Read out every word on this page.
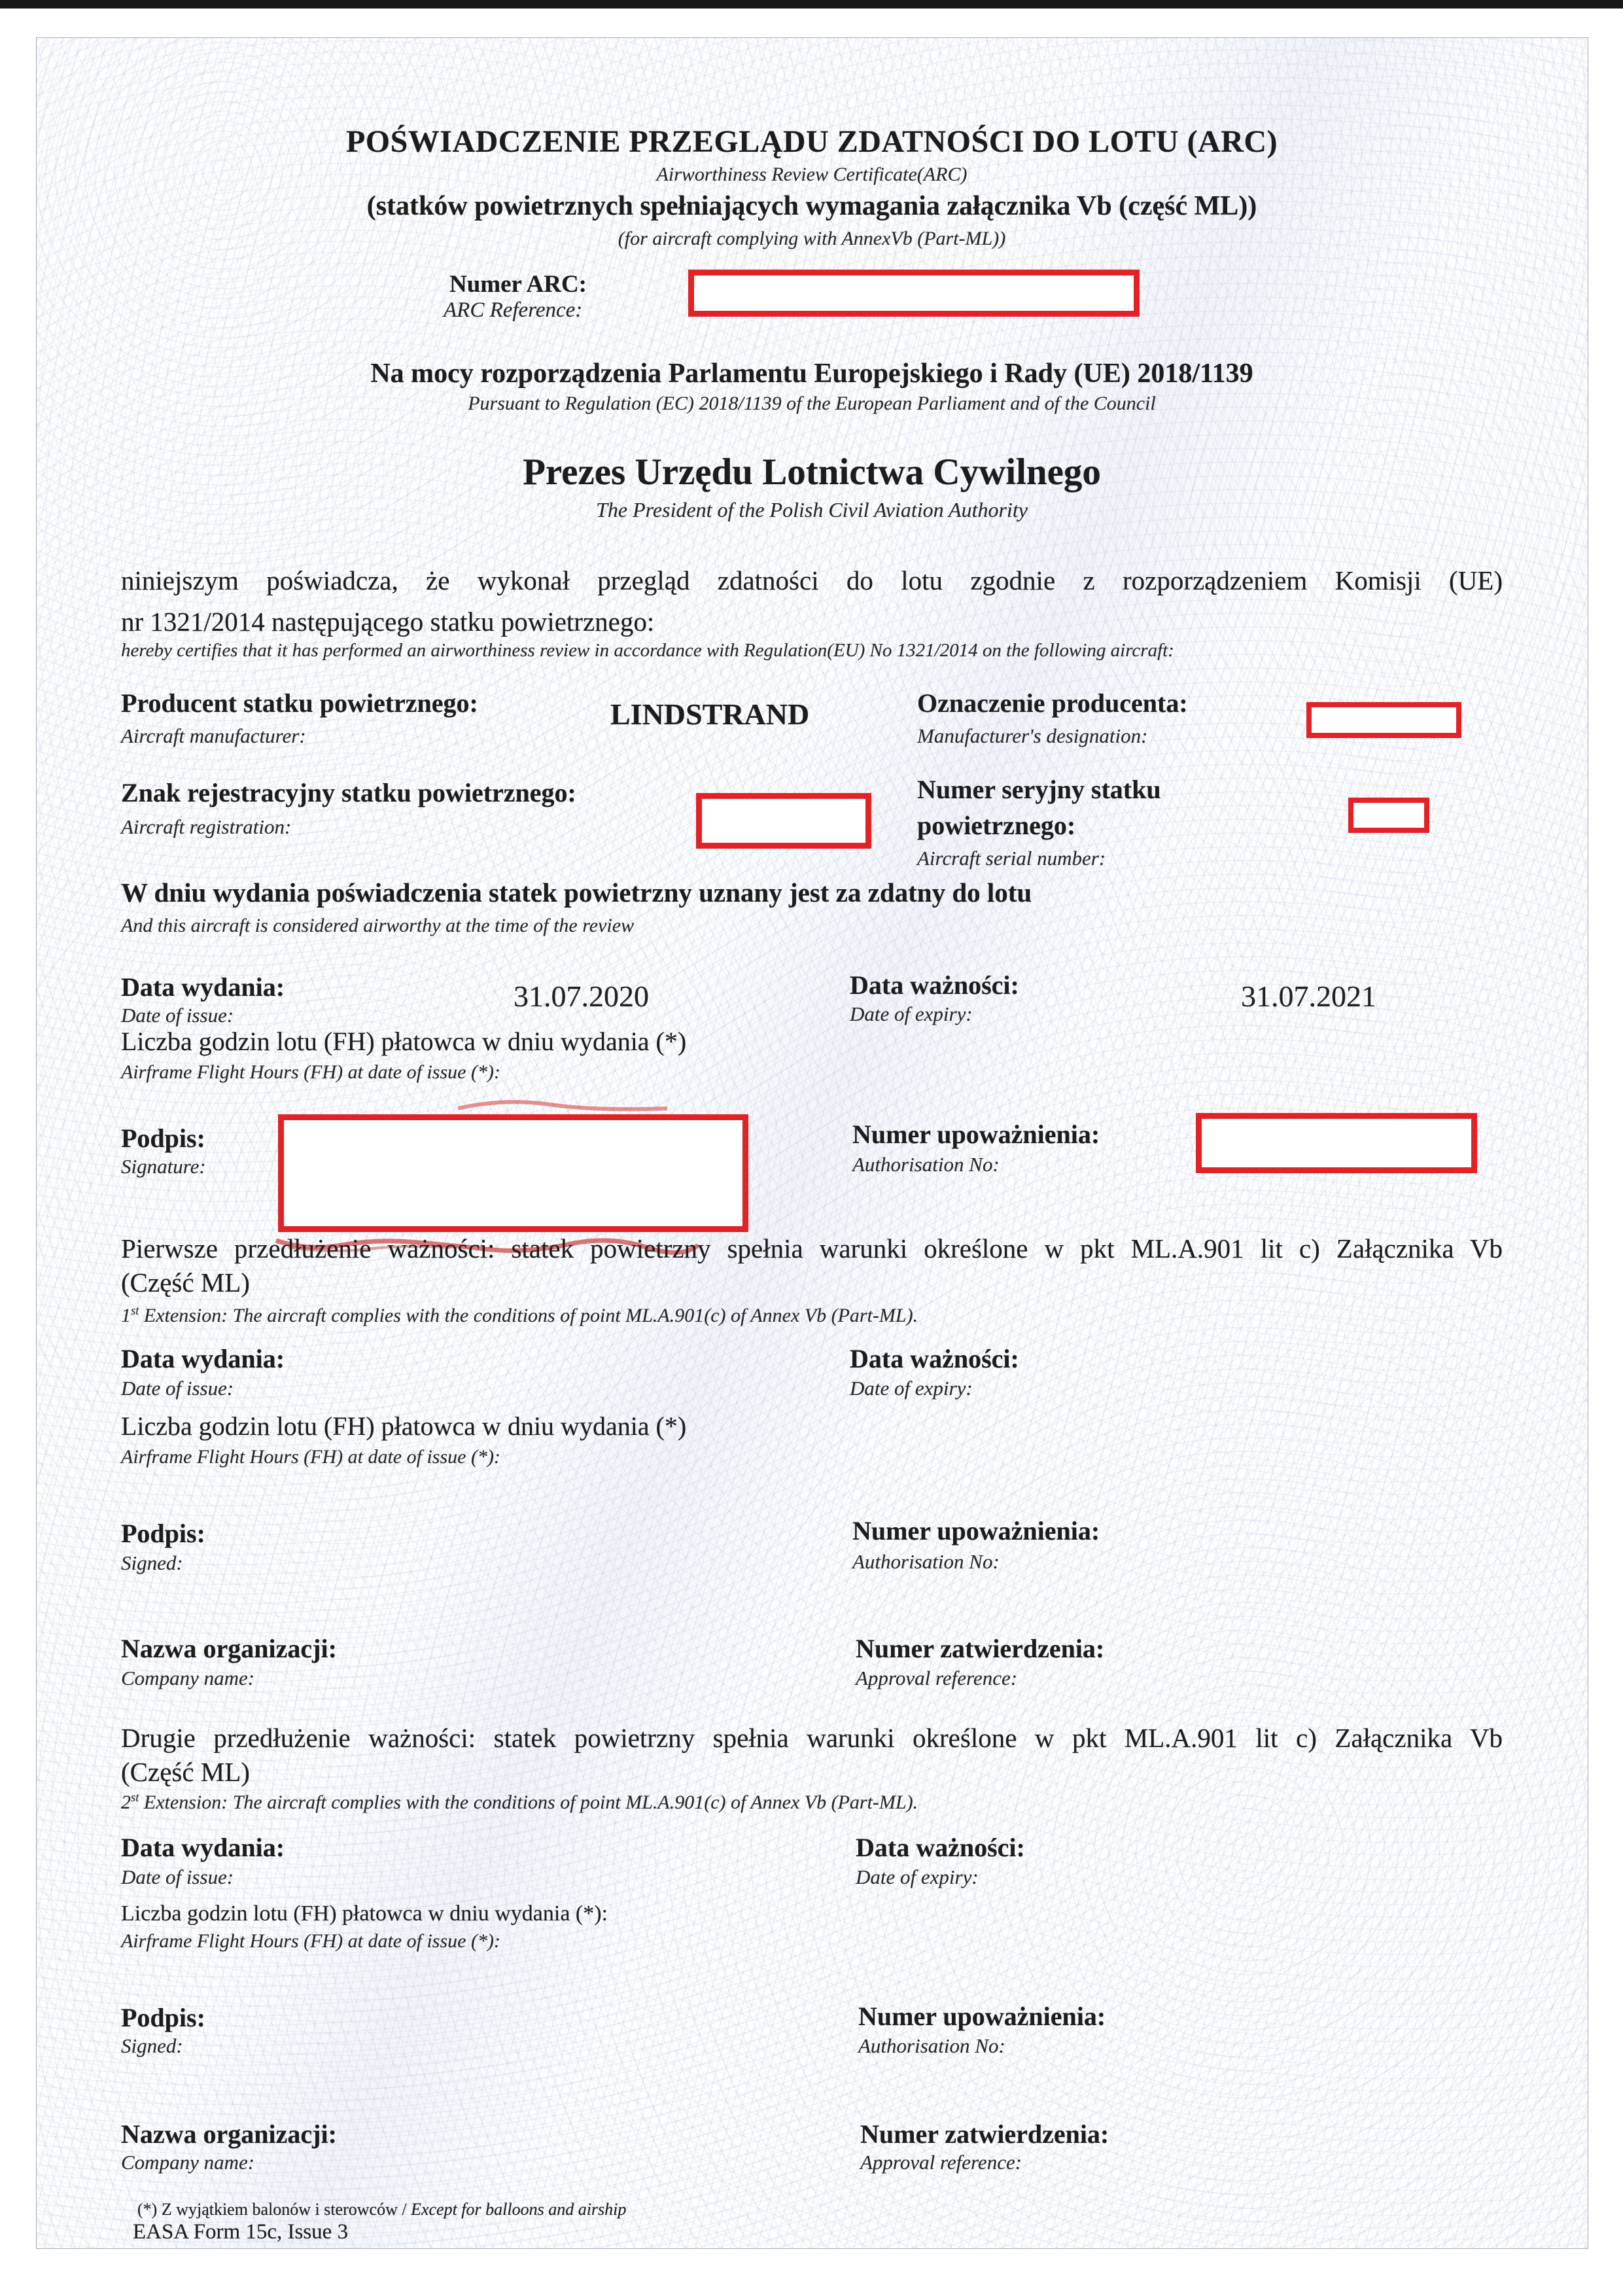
POŚWIADCZENIE PRZEGLĄDU ZDATNOŚCI DO LOTU (ARC)
Airworthiness Review Certificate(ARC)
(statków powietrznych spełniających wymagania załącznika Vb (część ML))
(for aircraft complying with AnnexVb (Part-ML))
Numer ARC:
ARC Reference:
Na mocy rozporządzenia Parlamentu Europejskiego i Rady (UE) 2018/1139
Pursuant to Regulation (EC) 2018/1139 of the European Parliament and of the Council
Prezes Urzędu Lotnictwa Cywilnego
The President of the Polish Civil Aviation Authority
niniejszym poświadcza, że wykonał przegląd zdatności do lotu zgodnie z rozporządzeniem Komisji (UE)
nr 1321/2014 następującego statku powietrznego:
hereby certifies that it has performed an airworthiness review in accordance with Regulation(EU) No 1321/2014 on the following aircraft:
Producent statku powietrznego:
Aircraft manufacturer:
LINDSTRAND	Oznaczenie producenta:
Manufacturer's designation:
Znak rejestracyjny statku powietrznego:
Aircraft registration:
Numer seryjny statku
powietrznego:
Aircraft serial number:
W dniu wydania poświadczenia statek powietrzny uznany jest za zdatny do lotu
And this aircraft is considered airworthy at the time of the review
Data wydania:
Date of issue:
31.07.2020	Data ważności:
Date of expiry:
31.07.2021
Liczba godzin lotu (FH) płatowca w dniu wydania (*)
Airframe Flight Hours (FH) at date of issue (*):
Podpis:
Signature:
Numer upoważnienia:
Authorisation No:
Pierwsze przedłużenie ważności: statek powietrzny spełnia warunki określone w pkt ML.A.901 lit c) Załącznika Vb
(Część ML)
1st Extension: The aircraft complies with the conditions of point ML.A.901(c) of Annex Vb (Part-ML).
Data wydania:
Date of issue:
Data ważności:
Date of expiry:
Liczba godzin lotu (FH) płatowca w dniu wydania (*)
Airframe Flight Hours (FH) at date of issue (*):
Podpis:
Signed:
Numer upoważnienia:
Authorisation No:
Nazwa organizacji:
Company name:
Numer zatwierdzenia:
Approval reference:
Drugie przedłużenie ważności: statek powietrzny spełnia warunki określone w pkt ML.A.901 lit c) Załącznika Vb
(Część ML)
2st Extension: The aircraft complies with the conditions of point ML.A.901(c) of Annex Vb (Part-ML).
Data wydania:
Date of issue:
Data ważności:
Date of expiry:
Liczba godzin lotu (FH) płatowca w dniu wydania (*):
Airframe Flight Hours (FH) at date of issue (*):
Podpis:
Signed:
Numer upoważnienia:
Authorisation No:
Nazwa organizacji:
Company name:
Numer zatwierdzenia:
Approval reference:
(*) Z wyjątkiem balonów i sterowców / Except for balloons and airship
EASA Form 15c, Issue 3
